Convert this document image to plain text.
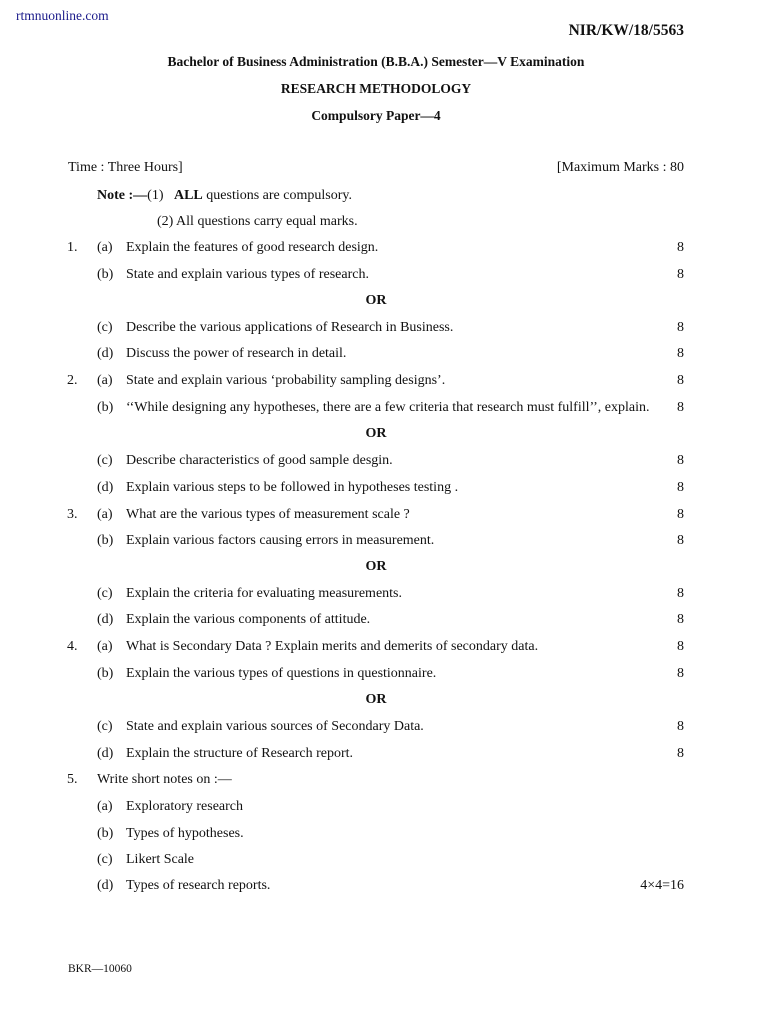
rtmnuonline.com
NIR/KW/18/5563
Bachelor of Business Administration (B.B.A.) Semester—V Examination
RESEARCH METHODOLOGY
Compulsory Paper—4
Time : Three Hours]	[Maximum Marks : 80
Note :—(1) ALL questions are compulsory.
(2) All questions carry equal marks.
1. (a) Explain the features of good research design.	8
(b) State and explain various types of research.	8
(c) Describe the various applications of Research in Business.	8
(d) Discuss the power of research in detail.	8
2. (a) State and explain various ‘probability sampling designs’.	8
(b) ‘‘While designing any hypotheses, there are a few criteria that research must fulfill’’, explain. 8
(c) Describe characteristics of good sample desgin.	8
(d) Explain various steps to be followed in hypotheses testing .	8
3. (a) What are the various types of measurement scale ?	8
(b) Explain various factors causing errors in measurement.	8
(c) Explain the criteria for evaluating measurements.	8
(d) Explain the various components of attitude.	8
4. (a) What is Secondary Data ? Explain merits and demerits of secondary data.	8
(b) Explain the various types of questions in questionnaire.	8
(c) State and explain various sources of Secondary Data.	8
(d) Explain the structure of Research report.	8
OR
OR
OR
OR
5. Write short notes on :—
(a) Exploratory research
(b) Types of hypotheses.
(c) Likert Scale
(d) Types of research reports.	4×4=16
BKR—10060
